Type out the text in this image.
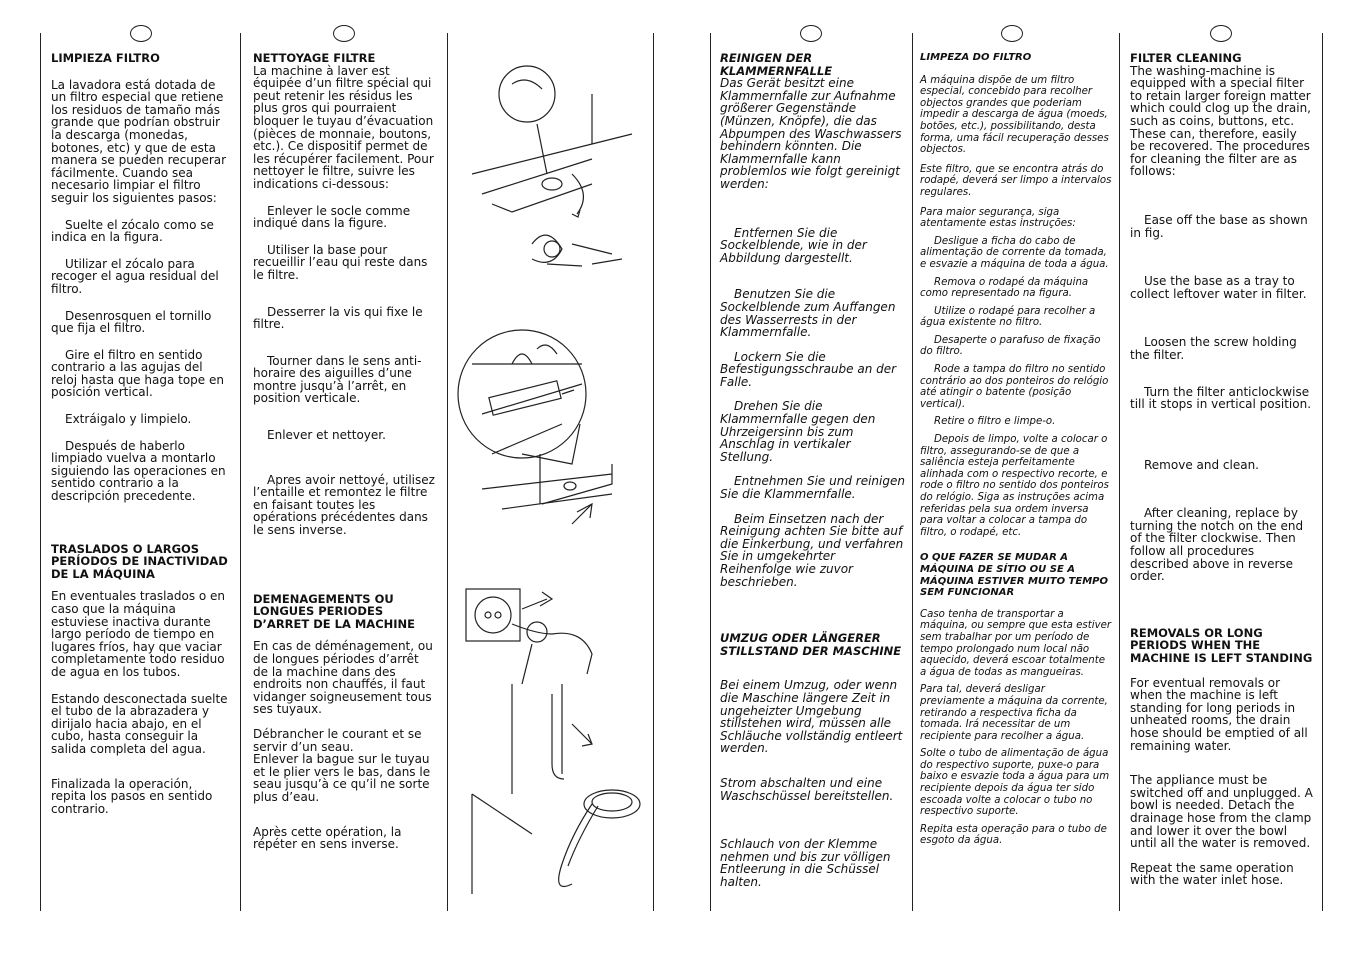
LIMPIEZA FILTRO

La lavadora está dotada de un filtro especial que retiene los residuos de tamaño más grande que podrían obstruir la descarga (monedas, botones, etc) y que de esta manera se pueden recuperar fácilmente. Cuando sea necesario limpiar el filtro seguir los siguientes pasos:

Suelte el zócalo como se indica en la figura.

Utilizar el zócalo para recoger el agua residual del filtro.

Desenrosquen el tornillo que fija el filtro.

Gire el filtro en sentido contrario a las agujas del reloj hasta que haga tope en posición vertical.

Extráigalo y limpielo.

Después de haberlo limpiado vuelva a montarlo siguiendo las operaciones en sentido contrario a la descripción precedente.

TRASLADOS O LARGOS PERÍODOS DE INACTIVIDAD DE LA MÁQUINA

En eventuales traslados o en caso que la máquina estuviese inactiva durante largo período de tiempo en lugares fríos, hay que vaciar completamente todo residuo de agua en los tubos.

Estando desconectada suelte el tubo de la abrazadera y dirijalo hacia abajo, en el cubo, hasta conseguir la salida completa del agua.

Finalizada la operación, repita los pasos en sentido contrario.

NETTOYAGE FILTRE

La machine à laver est équipée d’un filtre spécial qui peut retenir les résidus les plus gros qui pourraient bloquer le tuyau d’évacuation (pièces de monnaie, boutons, etc.). Ce dispositif permet de les récupérer facilement. Pour nettoyer le filtre, suivre les indications ci-dessous:

Enlever le socle comme indiqué dans la figure.

Utiliser la base pour recueillir l’eau qui reste dans le filtre.

Desserrer la vis qui fixe le filtre.

Tourner dans le sens anti-horaire des aiguilles d’une montre jusqu’à l’arrêt, en position verticale.

Enlever et nettoyer.

Apres avoir nettoyé, utilisez l’entaille et remontez le filtre en faisant toutes les opérations précédentes dans le sens inverse.

DEMENAGEMENTS OU LONGUES PERIODES D’ARRET DE LA MACHINE

En cas de déménagement, ou de longues périodes d’arrêt de la machine dans des endroits non chauffés, il faut vidanger soigneusement tous ses tuyaux.

Débrancher le courant et se servir d’un seau.

Enlever la bague sur le tuyau et le plier vers le bas, dans le seau jusqu’à ce qu’il ne sorte plus d’eau.

Après cette opération, la répéter en sens inverse.

REINIGEN DER KLAMMERNFALLE

Das Gerät besitzt eine Klammernfalle zur Aufnahme größerer Gegenstände (Münzen, Knöpfe), die das Abpumpen des Waschwassers behindern könnten. Die Klammernfalle kann problemlos wie folgt gereinigt werden:

Entfernen Sie die Sockelblende, wie in der Abbildung dargestellt.

Benutzen Sie die Sockelblende zum Auffangen des Wasserrests in der Klammernfalle.

Lockern Sie die Befestigungsschraube an der Falle.

Drehen Sie die Klammernfalle gegen den Uhrzeigersinn bis zum Anschlag in vertikaler Stellung.

Entnehmen Sie und reinigen Sie die Klammernfalle.

Beim Einsetzen nach der Reinigung achten Sie bitte auf die Einkerbung, und verfahren Sie in umgekehrter Reihenfolge wie zuvor beschrieben.

UMZUG ODER LÄNGERER STILLSTAND DER MASCHINE

Bei einem Umzug, oder wenn die Maschine längere Zeit in ungeheizter Umgebung stillstehen wird, müssen alle Schläuche vollständig entleert werden.

Strom abschalten und eine Waschschüssel bereitstellen.

Schlauch von der Klemme nehmen und bis zur völligen Entleerung in die Schüssel halten.

LIMPEZA DO FILTRO

A máquina dispõe de um filtro especial, concebido para recolher objectos grandes que poderiam impedir a descarga de água (moeds, botões, etc.), possibilitando, desta forma, uma fácil recuperação desses objectos.

Este filtro, que se encontra atrás do rodapé, deverá ser limpo a intervalos regulares.

Para maior segurança, siga atentamente estas instruções:

Desligue a ficha do cabo de alimentação de corrente da tomada, e esvazie a máquina de toda a água.

Remova o rodapé da máquina como representado na figura.

Utilize o rodapé para recolher a água existente no filtro.

Desaperte o parafuso de fixação do filtro.

Rode a tampa do filtro no sentido contrário ao dos ponteiros do relógio até atingir o batente (posição vertical).

Retire o filtro e limpe-o.

Depois de limpo, volte a colocar o filtro, assegurando-se de que a saliência esteja perfeitamente alinhada com o respectivo recorte, e rode o filtro no sentido dos ponteiros do relógio. Siga as instruções acima referidas pela sua ordem inversa para voltar a colocar a tampa do filtro, o rodapé, etc.

O QUE FAZER SE MUDAR A MÁQUINA DE SÍTIO OU SE A MÁQUINA ESTIVER MUITO TEMPO SEM FUNCIONAR

Caso tenha de transportar a máquina, ou sempre que esta estiver sem trabalhar por um período de tempo prolongado num local não aquecido, deverá escoar totalmente a água de todas as mangueiras.

Para tal, deverá desligar previamente a máquina da corrente, retirando a respectiva ficha da tomada. Irá necessitar de um recipiente para recolher a água.

Solte o tubo de alimentação de água do respectivo suporte, puxe-o para baixo e esvazie toda a água para um recipiente depois da água ter sido escoada volte a colocar o tubo no respectivo suporte.

Repita esta operação para o tubo de esgoto da água.

FILTER CLEANING

The washing-machine is equipped with a special filter to retain larger foreign matter which could clog up the drain, such as coins, buttons, etc. These can, therefore, easily be recovered. The procedures for cleaning the filter are as follows:

Ease off the base as shown in fig.

Use the base as a tray to collect leftover water in filter.

Loosen the screw holding the filter.

Turn the filter anticlockwise till it stops in vertical position.

Remove and clean.

After cleaning, replace by turning the notch on the end of the filter clockwise. Then follow all procedures described above in reverse order.

REMOVALS OR LONG PERIODS WHEN THE MACHINE IS LEFT STANDING

For eventual removals or when the machine is left standing for long periods in unheated rooms, the drain hose should be emptied of all remaining water.

The appliance must be switched off and unplugged. A bowl is needed. Detach the drainage hose from the clamp and lower it over the bowl until all the water is removed.

Repeat the same operation with the water inlet hose.
